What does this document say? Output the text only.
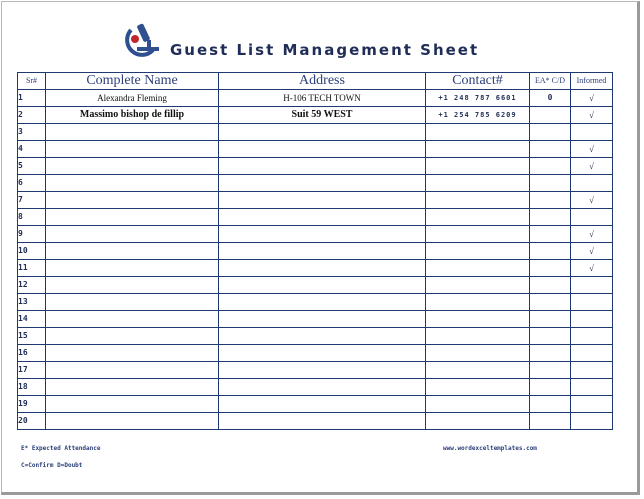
Guest List Management Sheet
Sr#	Complete Name	Address	Contact#	EA* C/D	Informed
1	Alexandra Fleming	H-106 TECH TOWN	+1 248 787 6601	0	√
2	Massimo bishop de fillip	Suit 59 WEST	+1 254 785 6209		√
3					
4					√
5					√
6					
7					√
8					
9					√
10					√
11					√
12					
13					
14					
15					
16					
17					
18					
19					
20					
E* Expected Attendance
C=Confirm D=Doubt
www.wordexceltemplates.com
